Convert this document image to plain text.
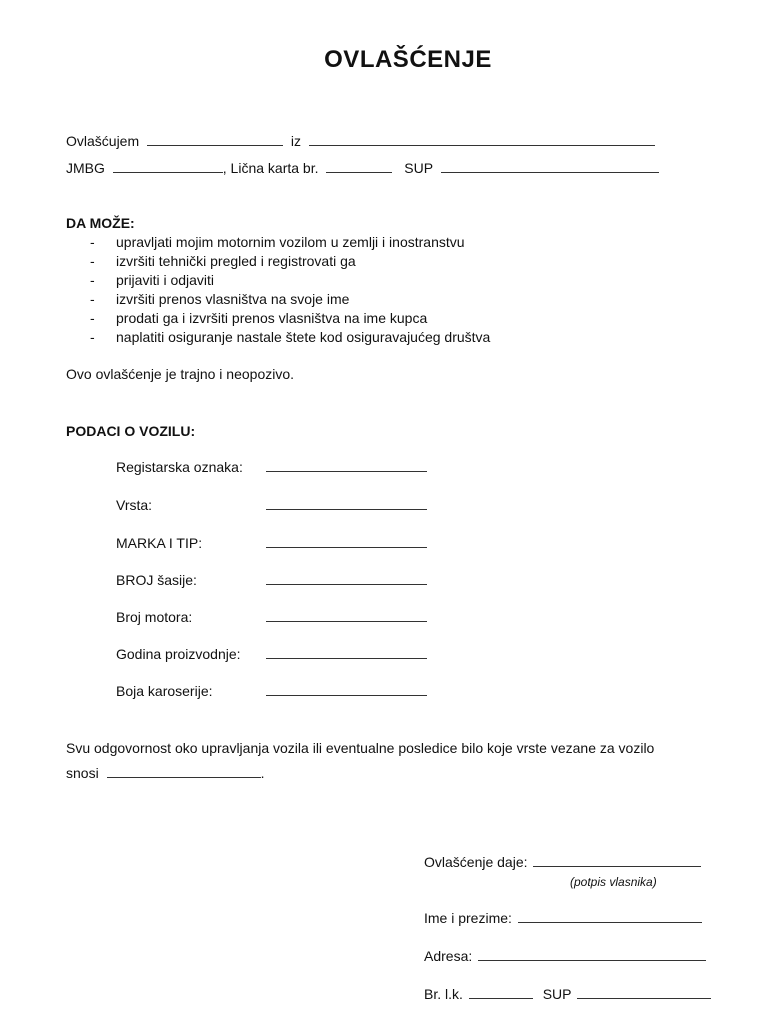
OVLAŠĆENJE
Ovlašćujem	iz
JMBG	, Lična karta br.	SUP
DA MOŽE:
- upravljati mojim motornim vozilom u zemlji i inostranstvu
- izvršiti tehnički pregled i registrovati ga
- prijaviti i odjaviti
- izvršiti prenos vlasništva na svoje ime
- prodati ga i izvršiti prenos vlasništva na ime kupca
- naplatiti osiguranje nastale štete kod osiguravajućeg društva
Ovo ovlašćenje je trajno i neopozivo.
PODACI O VOZILU:
Registarska oznaka:
Vrsta:
MARKA I TIP:
BROJ šasije:
Broj motora:
Godina proizvodnje:
Boja karoserije:
Svu odgovornost oko upravljanja vozila ili eventualne posledice bilo koje vrste vezane za vozilo
snosi	.
Ovlašćenje daje:
(potpis vlasnika)
Ime i prezime:
Adresa:
Br. l.k.	SUP
